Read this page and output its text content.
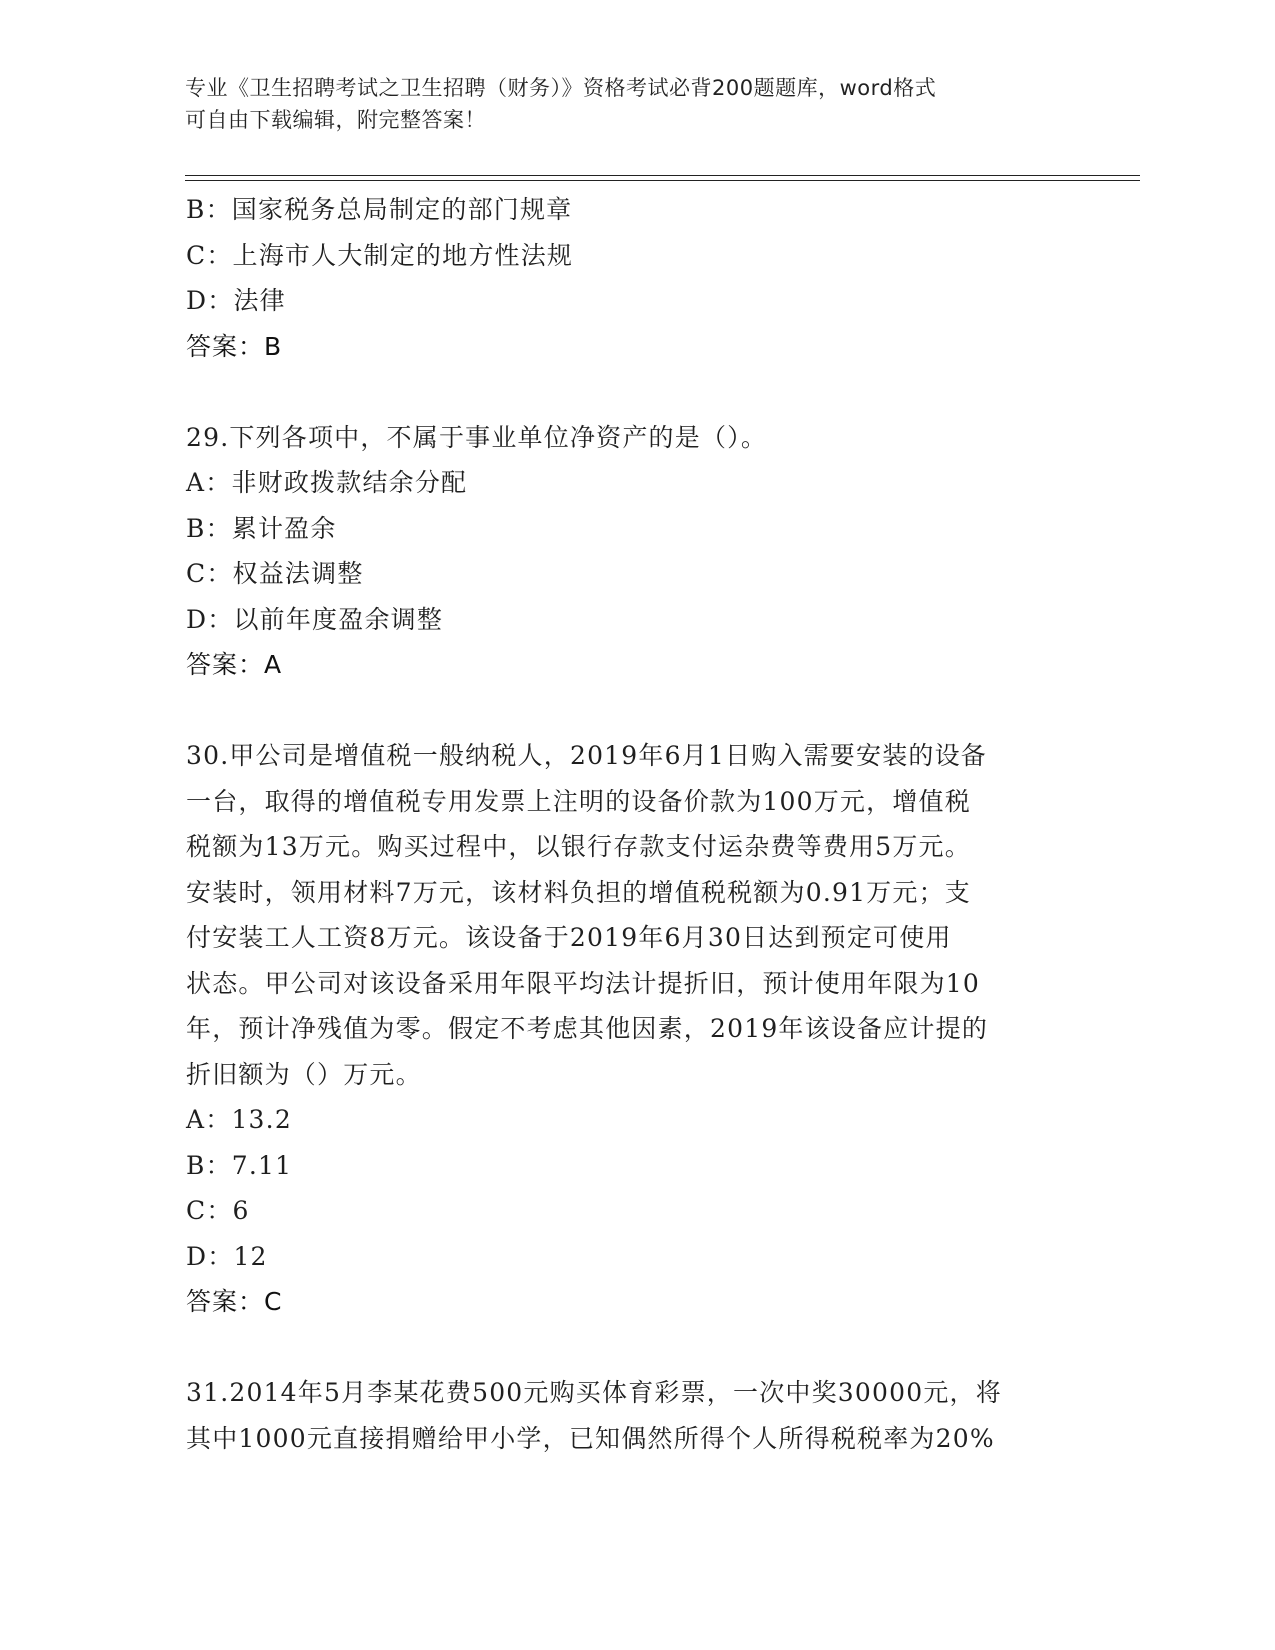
专业《卫生招聘考试之卫生招聘（财务）》资格考试必背200题题库，word格式
可自由下载编辑，附完整答案！
B：国家税务总局制定的部门规章
C：上海市人大制定的地方性法规
D：法律
答案：B
29.下列各项中，不属于事业单位净资产的是（）。
A：非财政拨款结余分配
B：累计盈余
C：权益法调整
D：以前年度盈余调整
答案：A
30.甲公司是增值税一般纳税人，2019年6月1日购入需要安装的设备
一台，取得的增值税专用发票上注明的设备价款为100万元，增值税
税额为13万元。购买过程中，以银行存款支付运杂费等费用5万元。
安装时，领用材料7万元，该材料负担的增值税税额为0.91万元；支
付安装工人工资8万元。该设备于2019年6月30日达到预定可使用
状态。甲公司对该设备采用年限平均法计提折旧，预计使用年限为10
年，预计净残值为零。假定不考虑其他因素，2019年该设备应计提的
折旧额为（）万元。
A：13.2
B：7.11
C：6
D：12
答案：C
31.2014年5月李某花费500元购买体育彩票，一次中奖30000元，将
其中1000元直接捐赠给甲小学，已知偶然所得个人所得税税率为20%
